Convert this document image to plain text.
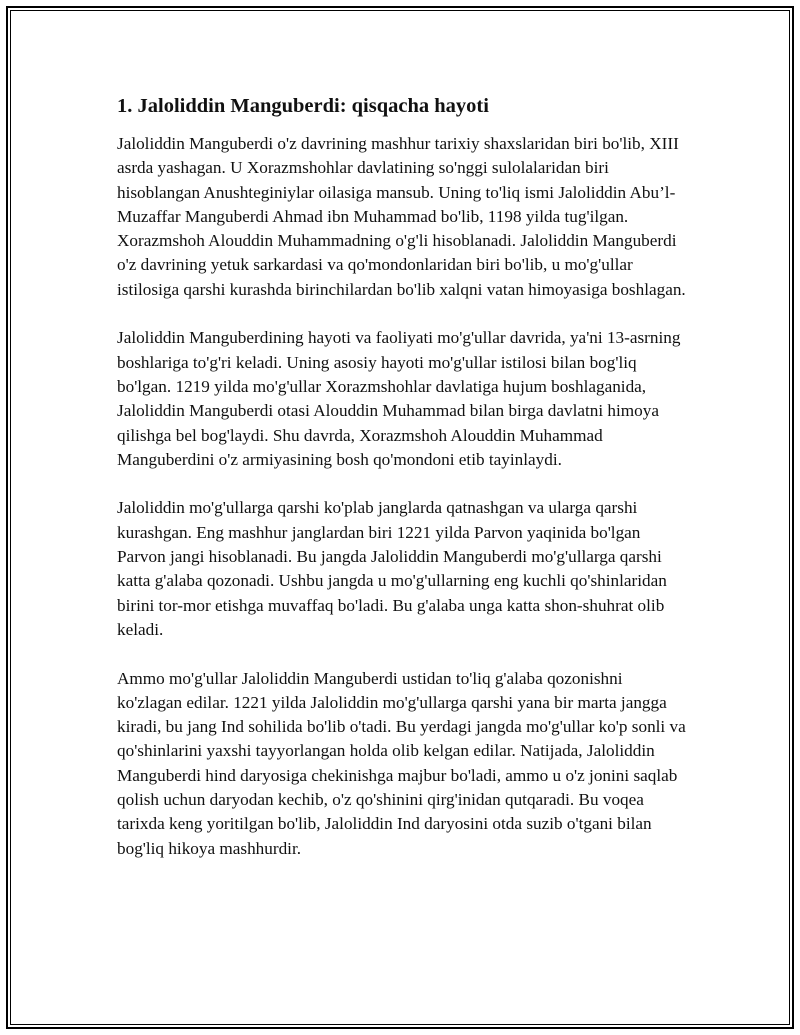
1. Jaloliddin Manguberdi: qisqacha hayoti

Jaloliddin Manguberdi o'z davrining mashhur tarixiy shaxslaridan biri bo'lib, XIII asrda yashagan. U Xorazmshohlar davlatining so'nggi sulolalaridan biri hisoblangan Anushteginiylar oilasiga mansub. Uning to'liq ismi Jaloliddin Abu’l-Muzaffar Manguberdi Ahmad ibn Muhammad bo'lib, 1198 yilda tug'ilgan. Xorazmshoh Alouddin Muhammadning o'g'li hisoblanadi. Jaloliddin Manguberdi o'z davrining yetuk sarkardasi va qo'mondonlaridan biri bo'lib, u mo'g'ullar istilosiga qarshi kurashda birinchilardan bo'lib xalqni vatan himoyasiga boshlagan.

Jaloliddin Manguberdining hayoti va faoliyati mo'g'ullar davrida, ya'ni 13-asrning boshlariga to'g'ri keladi. Uning asosiy hayoti mo'g'ullar istilosi bilan bog'liq bo'lgan. 1219 yilda mo'g'ullar Xorazmshohlar davlatiga hujum boshlaganida, Jaloliddin Manguberdi otasi Alouddin Muhammad bilan birga davlatni himoya qilishga bel bog'laydi. Shu davrda, Xorazmshoh Alouddin Muhammad Manguberdini o'z armiyasining bosh qo'mondoni etib tayinlaydi.

Jaloliddin mo'g'ullarga qarshi ko'plab janglarda qatnashgan va ularga qarshi kurashgan. Eng mashhur janglardan biri 1221 yilda Parvon yaqinida bo'lgan Parvon jangi hisoblanadi. Bu jangda Jaloliddin Manguberdi mo'g'ullarga qarshi katta g'alaba qozonadi. Ushbu jangda u mo'g'ullarning eng kuchli qo'shinlaridan birini tor-mor etishga muvaffaq bo'ladi. Bu g'alaba unga katta shon-shuhrat olib keladi.

Ammo mo'g'ullar Jaloliddin Manguberdi ustidan to'liq g'alaba qozonishni ko'zlagan edilar. 1221 yilda Jaloliddin mo'g'ullarga qarshi yana bir marta jangga kiradi, bu jang Ind sohilida bo'lib o'tadi. Bu yerdagi jangda mo'g'ullar ko'p sonli va qo'shinlarini yaxshi tayyorlangan holda olib kelgan edilar. Natijada, Jaloliddin Manguberdi hind daryosiga chekinishga majbur bo'ladi, ammo u o'z jonini saqlab qolish uchun daryodan kechib, o'z qo'shinini qirg'inidan qutqaradi. Bu voqea tarixda keng yoritilgan bo'lib, Jaloliddin Ind daryosini otda suzib o'tgani bilan bog'liq hikoya mashhurdir.
